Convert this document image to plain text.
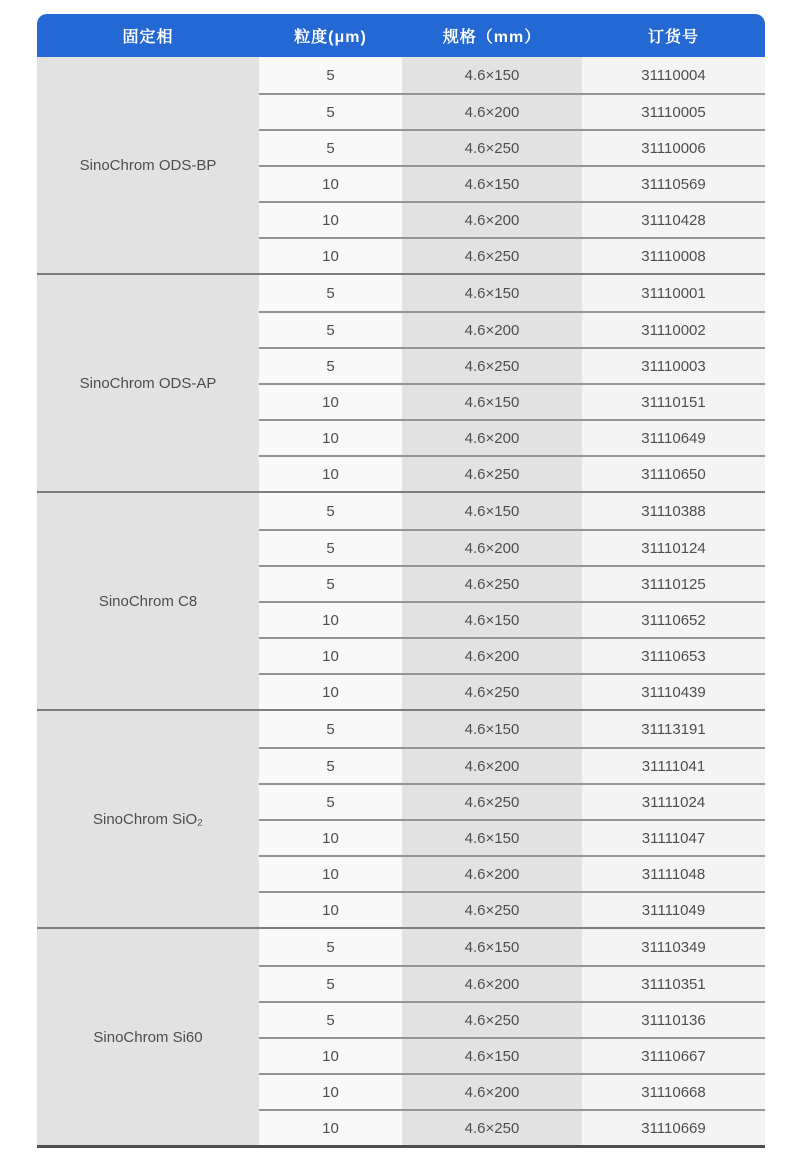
固定相	粒度(μm)	规格（mm）	订货号
SinoChrom ODS-BP
5	4.6×150	31110004
5	4.6×200	31110005
5	4.6×250	31110006
10	4.6×150	31110569
10	4.6×200	31110428
10	4.6×250	31110008
SinoChrom ODS-AP
5	4.6×150	31110001
5	4.6×200	31110002
5	4.6×250	31110003
10	4.6×150	31110151
10	4.6×200	31110649
10	4.6×250	31110650
SinoChrom C8
5	4.6×150	31110388
5	4.6×200	31110124
5	4.6×250	31110125
10	4.6×150	31110652
10	4.6×200	31110653
10	4.6×250	31110439
SinoChrom SiO₂
5	4.6×150	31113191
5	4.6×200	31111041
5	4.6×250	31111024
10	4.6×150	31111047
10	4.6×200	31111048
10	4.6×250	31111049
SinoChrom Si60
5	4.6×150	31110349
5	4.6×200	31110351
5	4.6×250	31110136
10	4.6×150	31110667
10	4.6×200	31110668
10	4.6×250	31110669
